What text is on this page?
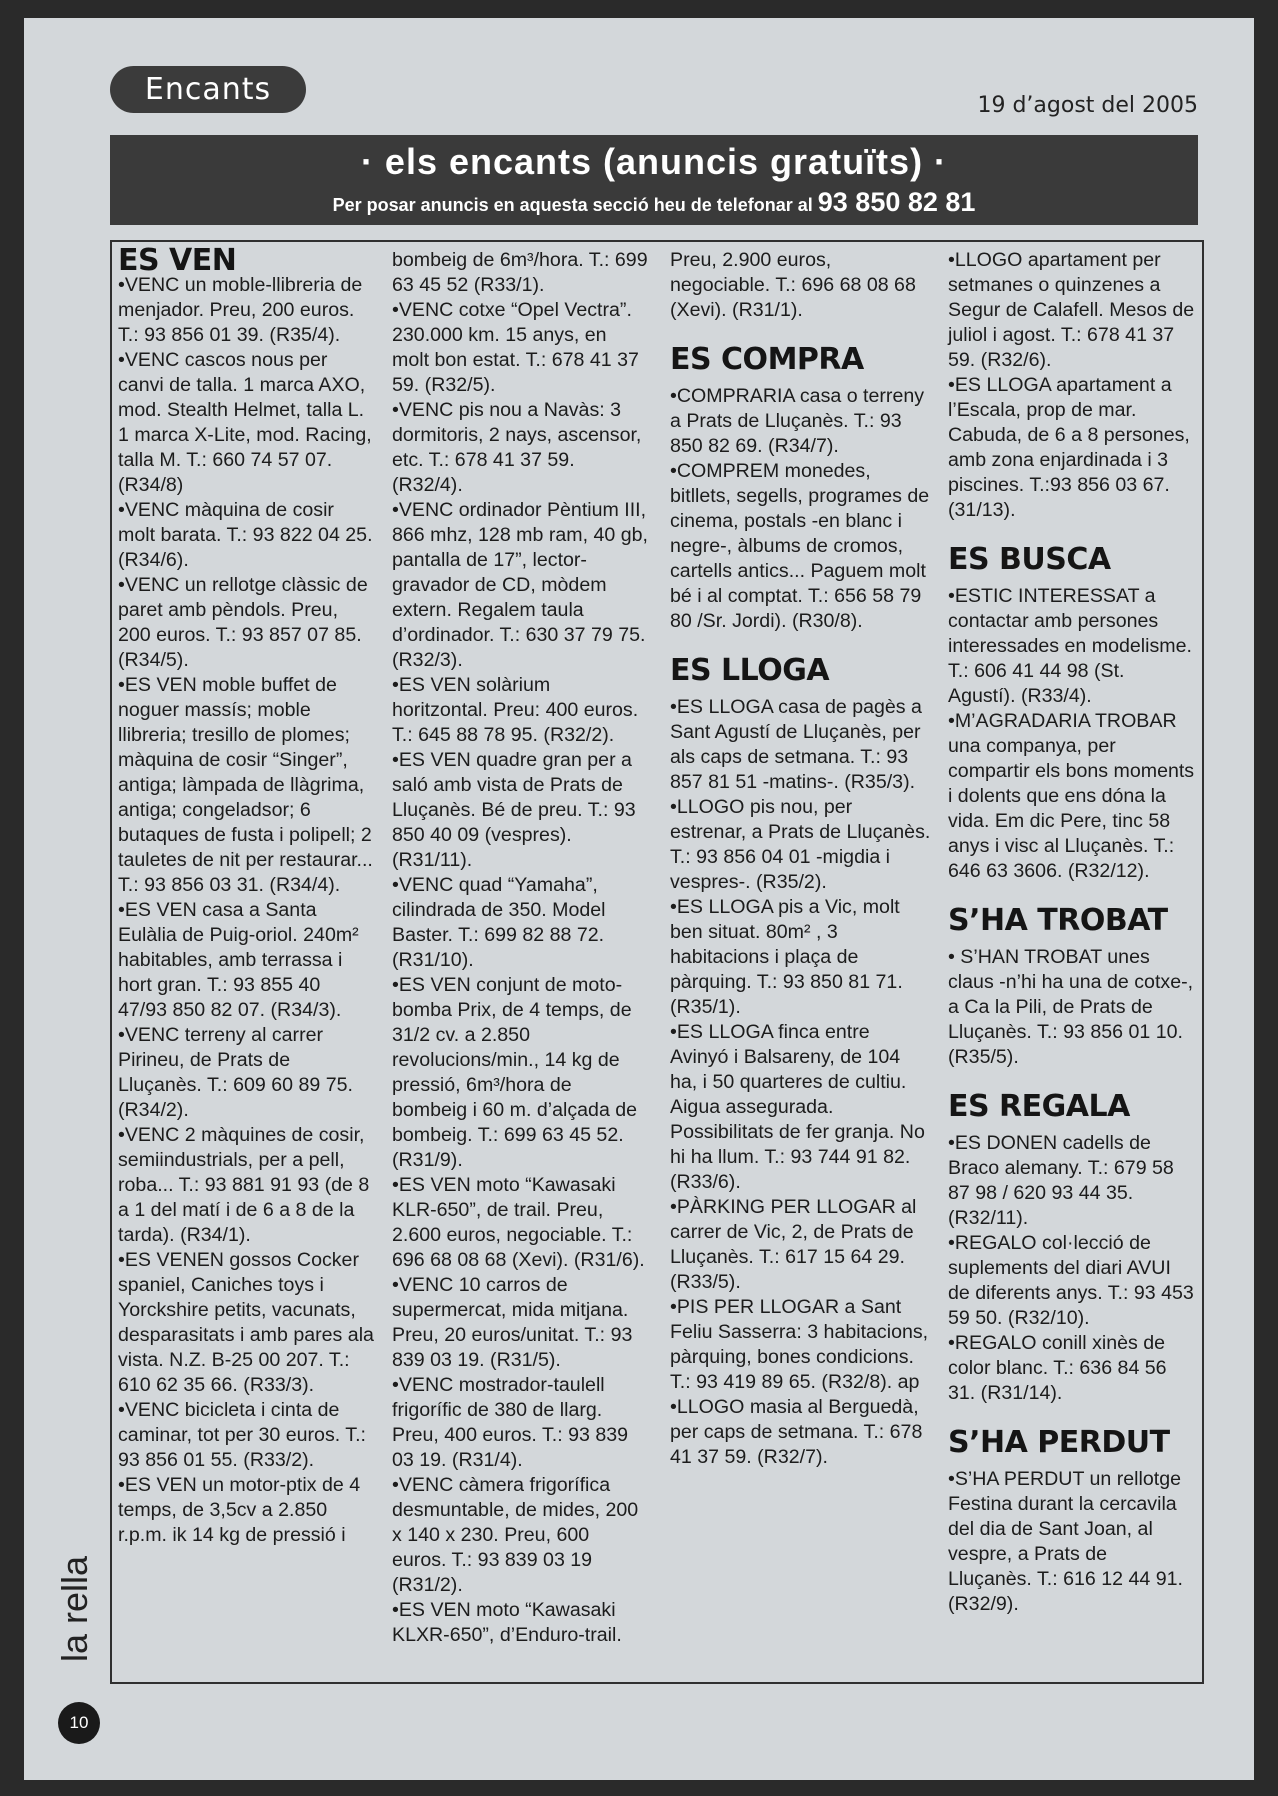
Encants	19 d’agost del 2005
· els encants (anuncis gratuïts) ·
Per posar anuncis en aquesta secció heu de telefonar al 93 850 82 81
ES VEN

•VENC un moble-llibreria de menjador. Preu, 200 euros. T.: 93 856 01 39. (R35/4).

•VENC cascos nous per canvi de talla. 1 marca AXO, mod. Stealth Helmet, talla L. 1 marca X-Lite, mod. Racing, talla M. T.: 660 74 57 07. (R34/8)

•VENC màquina de cosir molt barata. T.: 93 822 04 25. (R34/6).

•VENC un rellotge clàssic de paret amb pèndols. Preu, 200 euros. T.: 93 857 07 85. (R34/5).

•ES VEN moble buffet de noguer massís; moble llibreria; tresillo de plomes; màquina de cosir “Singer”, antiga; làmpada de llàgrima, antiga; congeladsor; 6 butaques de fusta i polipell; 2 tauletes de nit per restaurar... T.: 93 856 03 31. (R34/4).

•ES VEN casa a Santa Eulàlia de Puig-oriol. 240m² habitables, amb terrassa i hort gran. T.: 93 855 40 47/93 850 82 07. (R34/3).

•VENC terreny al carrer Pirineu, de Prats de Lluçanès. T.: 609 60 89 75. (R34/2).

•VENC 2 màquines de cosir, semiindustrials, per a pell, roba... T.: 93 881 91 93 (de 8 a 1 del matí i de 6 a 8 de la tarda). (R34/1).

•ES VENEN gossos Cocker spaniel, Caniches toys i Yorckshire petits, vacunats, desparasitats i amb pares ala vista. N.Z. B-25 00 207. T.: 610 62 35 66. (R33/3).

•VENC bicicleta i cinta de caminar, tot per 30 euros. T.: 93 856 01 55. (R33/2).

•ES VEN un motor-ptix de 4 temps, de 3,5cv a 2.850 r.p.m. ik 14 kg de pressió i

bombeig de 6m³/hora. T.: 699 63 45 52 (R33/1).

•VENC cotxe “Opel Vectra”. 230.000 km. 15 anys, en molt bon estat. T.: 678 41 37 59. (R32/5).

•VENC pis nou a Navàs: 3 dormitoris, 2 nays, ascensor, etc. T.: 678 41 37 59. (R32/4).

•VENC ordinador Pèntium III, 866 mhz, 128 mb ram, 40 gb, pantalla de 17”, lector-gravador de CD, mòdem extern. Regalem taula d’ordinador. T.: 630 37 79 75. (R32/3).

•ES VEN solàrium horitzontal. Preu: 400 euros. T.: 645 88 78 95. (R32/2).

•ES VEN quadre gran per a saló amb vista de Prats de Lluçanès. Bé de preu. T.: 93 850 40 09 (vespres). (R31/11).

•VENC quad “Yamaha”, cilindrada de 350. Model Baster. T.: 699 82 88 72. (R31/10).

•ES VEN conjunt de moto-bomba Prix, de 4 temps, de 31/2 cv. a 2.850 revolucions/min., 14 kg de pressió, 6m³/hora de bombeig i 60 m. d’alçada de bombeig. T.: 699 63 45 52. (R31/9).

•ES VEN moto “Kawasaki KLR-650”, de trail. Preu, 2.600 euros, negociable. T.: 696 68 08 68 (Xevi). (R31/6).

•VENC 10 carros de supermercat, mida mitjana. Preu, 20 euros/unitat. T.: 93 839 03 19. (R31/5).

•VENC mostrador-taulell frigorífic de 380 de llarg. Preu, 400 euros. T.: 93 839 03 19. (R31/4).

•VENC càmera frigorífica desmuntable, de mides, 200 x 140 x 230. Preu, 600 euros. T.: 93 839 03 19 (R31/2).

•ES VEN moto “Kawasaki KLXR-650”, d’Enduro-trail.

Preu, 2.900 euros, negociable. T.: 696 68 08 68 (Xevi). (R31/1).

ES COMPRA

•COMPRARIA casa o terreny a Prats de Lluçanès. T.: 93 850 82 69. (R34/7).

•COMPREM monedes, bitllets, segells, programes de cinema, postals -en blanc i negre-, àlbums de cromos, cartells antics... Paguem molt bé i al comptat. T.: 656 58 79 80 /Sr. Jordi). (R30/8).

ES LLOGA

•ES LLOGA casa de pagès a Sant Agustí de Lluçanès, per als caps de setmana. T.: 93 857 81 51 -matins-. (R35/3).

•LLOGO pis nou, per estrenar, a Prats de Lluçanès. T.: 93 856 04 01 -migdia i vespres-. (R35/2).

•ES LLOGA pis a Vic, molt ben situat. 80m² , 3 habitacions i plaça de pàrquing. T.: 93 850 81 71. (R35/1).

•ES LLOGA finca entre Avinyó i Balsareny, de 104 ha, i 50 quarteres de cultiu. Aigua assegurada. Possibilitats de fer granja. No hi ha llum. T.: 93 744 91 82. (R33/6).

•PÀRKING PER LLOGAR al carrer de Vic, 2, de Prats de Lluçanès. T.: 617 15 64 29. (R33/5).

•PIS PER LLOGAR a Sant Feliu Sasserra: 3 habitacions, pàrquing, bones condicions. T.: 93 419 89 65. (R32/8). ap

•LLOGO masia al Berguedà, per caps de setmana. T.: 678 41 37 59. (R32/7).

•LLOGO apartament per setmanes o quinzenes a Segur de Calafell. Mesos de juliol i agost. T.: 678 41 37 59. (R32/6).

•ES LLOGA apartament a l’Escala, prop de mar. Cabuda, de 6 a 8 persones, amb zona enjardinada i 3 piscines. T.:93 856 03 67. (31/13).

ES BUSCA

•ESTIC INTERESSAT a contactar amb persones interessades en modelisme. T.: 606 41 44 98 (St. Agustí). (R33/4).

•M’AGRADARIA TROBAR una companya, per compartir els bons moments i dolents que ens dóna la vida. Em dic Pere, tinc 58 anys i visc al Lluçanès. T.: 646 63 3606. (R32/12).

S’HA TROBAT

• S’HAN TROBAT unes claus -n’hi ha una de cotxe-, a Ca la Pili, de Prats de Lluçanès. T.: 93 856 01 10. (R35/5).

ES REGALA

•ES DONEN cadells de Braco alemany. T.: 679 58 87 98 / 620 93 44 35. (R32/11).

•REGALO col·lecció de suplements del diari AVUI de diferents anys. T.: 93 453 59 50. (R32/10).

•REGALO conill xinès de color blanc. T.: 636 84 56 31. (R31/14).

S’HA PERDUT

•S’HA PERDUT un rellotge Festina durant la cercavila del dia de Sant Joan, al vespre, a Prats de Lluçanès. T.: 616 12 44 91. (R32/9).

la rella
10
